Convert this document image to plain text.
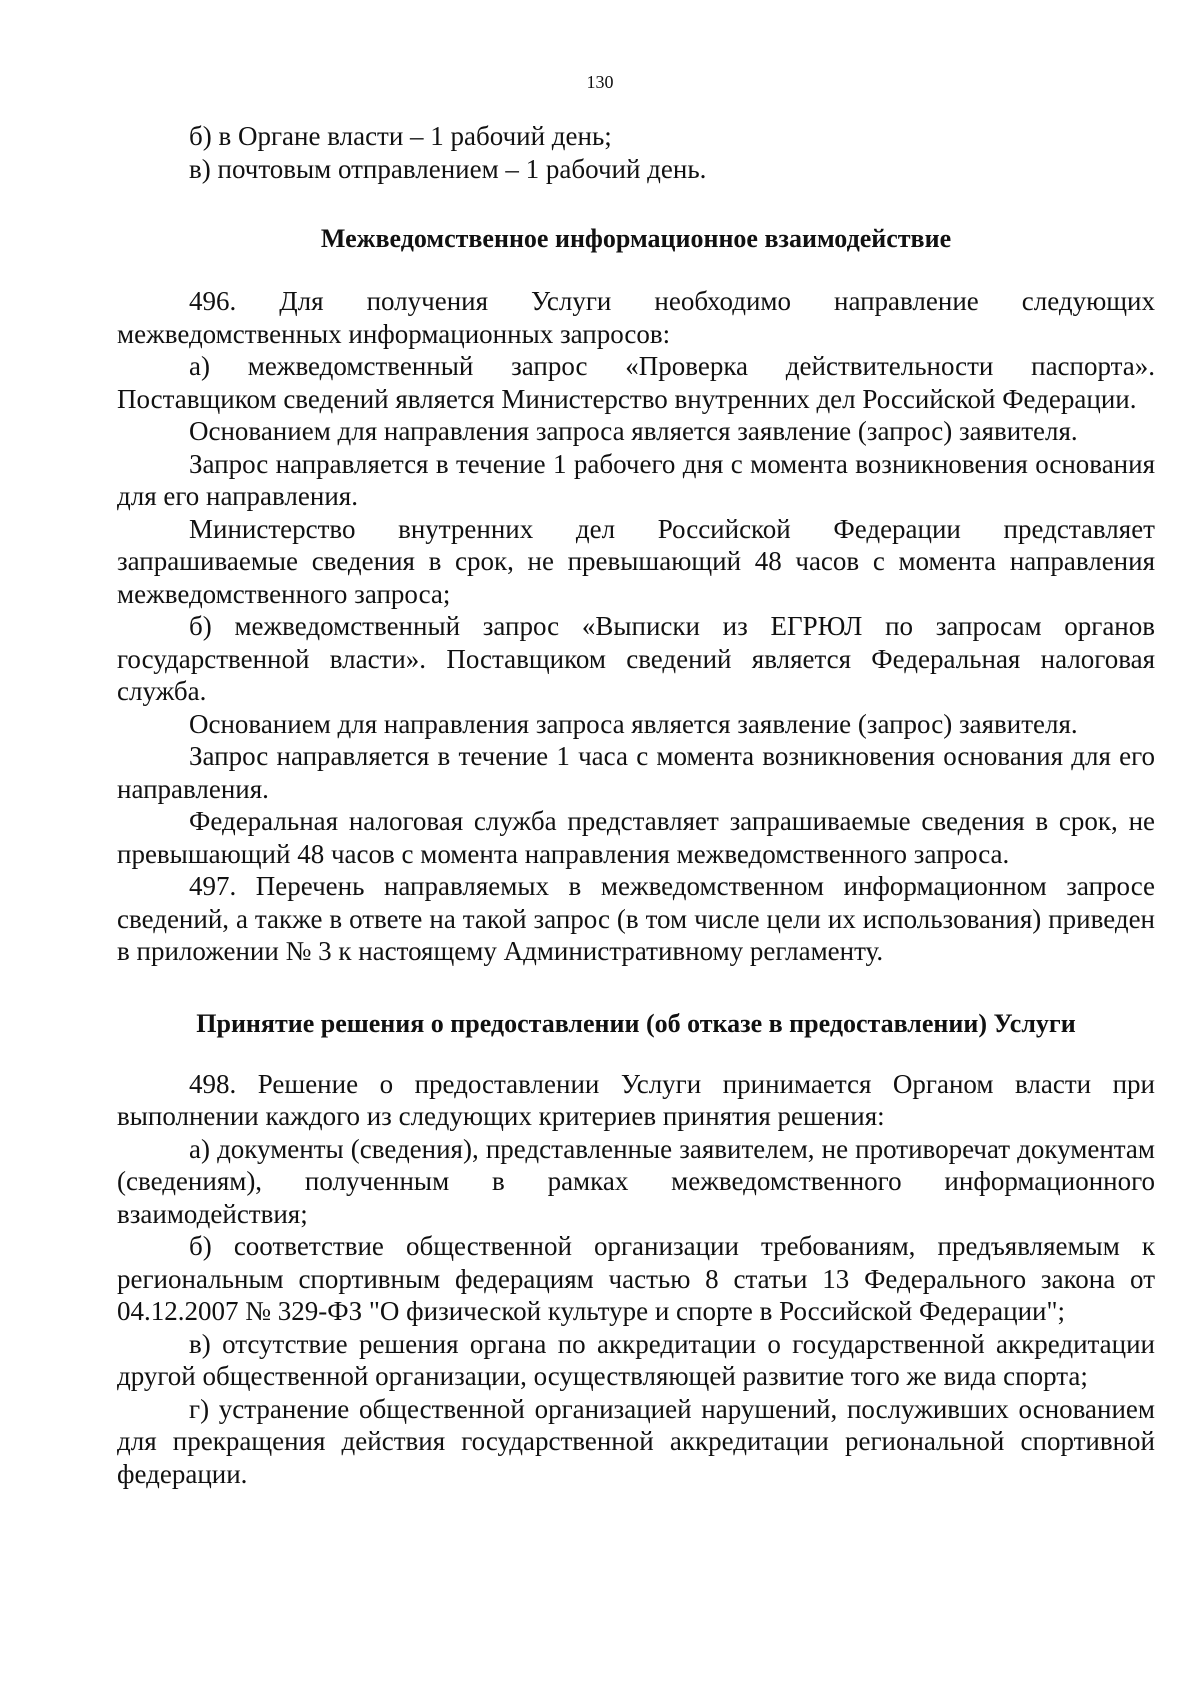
130

б) в Органе власти – 1 рабочий день;

в) почтовым отправлением – 1 рабочий день.

Межведомственное информационное взаимодействие

496. Для получения Услуги необходимо направление следующих межведомственных информационных запросов:

а) межведомственный запрос «Проверка действительности паспорта». Поставщиком сведений является Министерство внутренних дел Российской Федерации.

Основанием для направления запроса является заявление (запрос) заявителя.

Запрос направляется в течение 1 рабочего дня с момента возникновения основания для его направления.

Министерство внутренних дел Российской Федерации представляет запрашиваемые сведения в срок, не превышающий 48 часов с момента направления межведомственного запроса;

б) межведомственный запрос «Выписки из ЕГРЮЛ по запросам органов государственной власти». Поставщиком сведений является Федеральная налоговая служба.

Основанием для направления запроса является заявление (запрос) заявителя.

Запрос направляется в течение 1 часа с момента возникновения основания для его направления.

Федеральная налоговая служба представляет запрашиваемые сведения в срок, не превышающий 48 часов с момента направления межведомственного запроса.

497. Перечень направляемых в межведомственном информационном запросе сведений, а также в ответе на такой запрос (в том числе цели их использования) приведен в приложении № 3 к настоящему Административному регламенту.

Принятие решения о предоставлении (об отказе в предоставлении) Услуги

498. Решение о предоставлении Услуги принимается Органом власти при выполнении каждого из следующих критериев принятия решения:

а) документы (сведения), представленные заявителем, не противоречат документам (сведениям), полученным в рамках межведомственного информационного взаимодействия;

б) соответствие общественной организации требованиям, предъявляемым к региональным спортивным федерациям частью 8 статьи 13 Федерального закона от 04.12.2007 № 329-ФЗ "О физической культуре и спорте в Российской Федерации";

в) отсутствие решения органа по аккредитации о государственной аккредитации другой общественной организации, осуществляющей развитие того же вида спорта;

г) устранение общественной организацией нарушений, послуживших основанием для прекращения действия государственной аккредитации региональной спортивной федерации.
